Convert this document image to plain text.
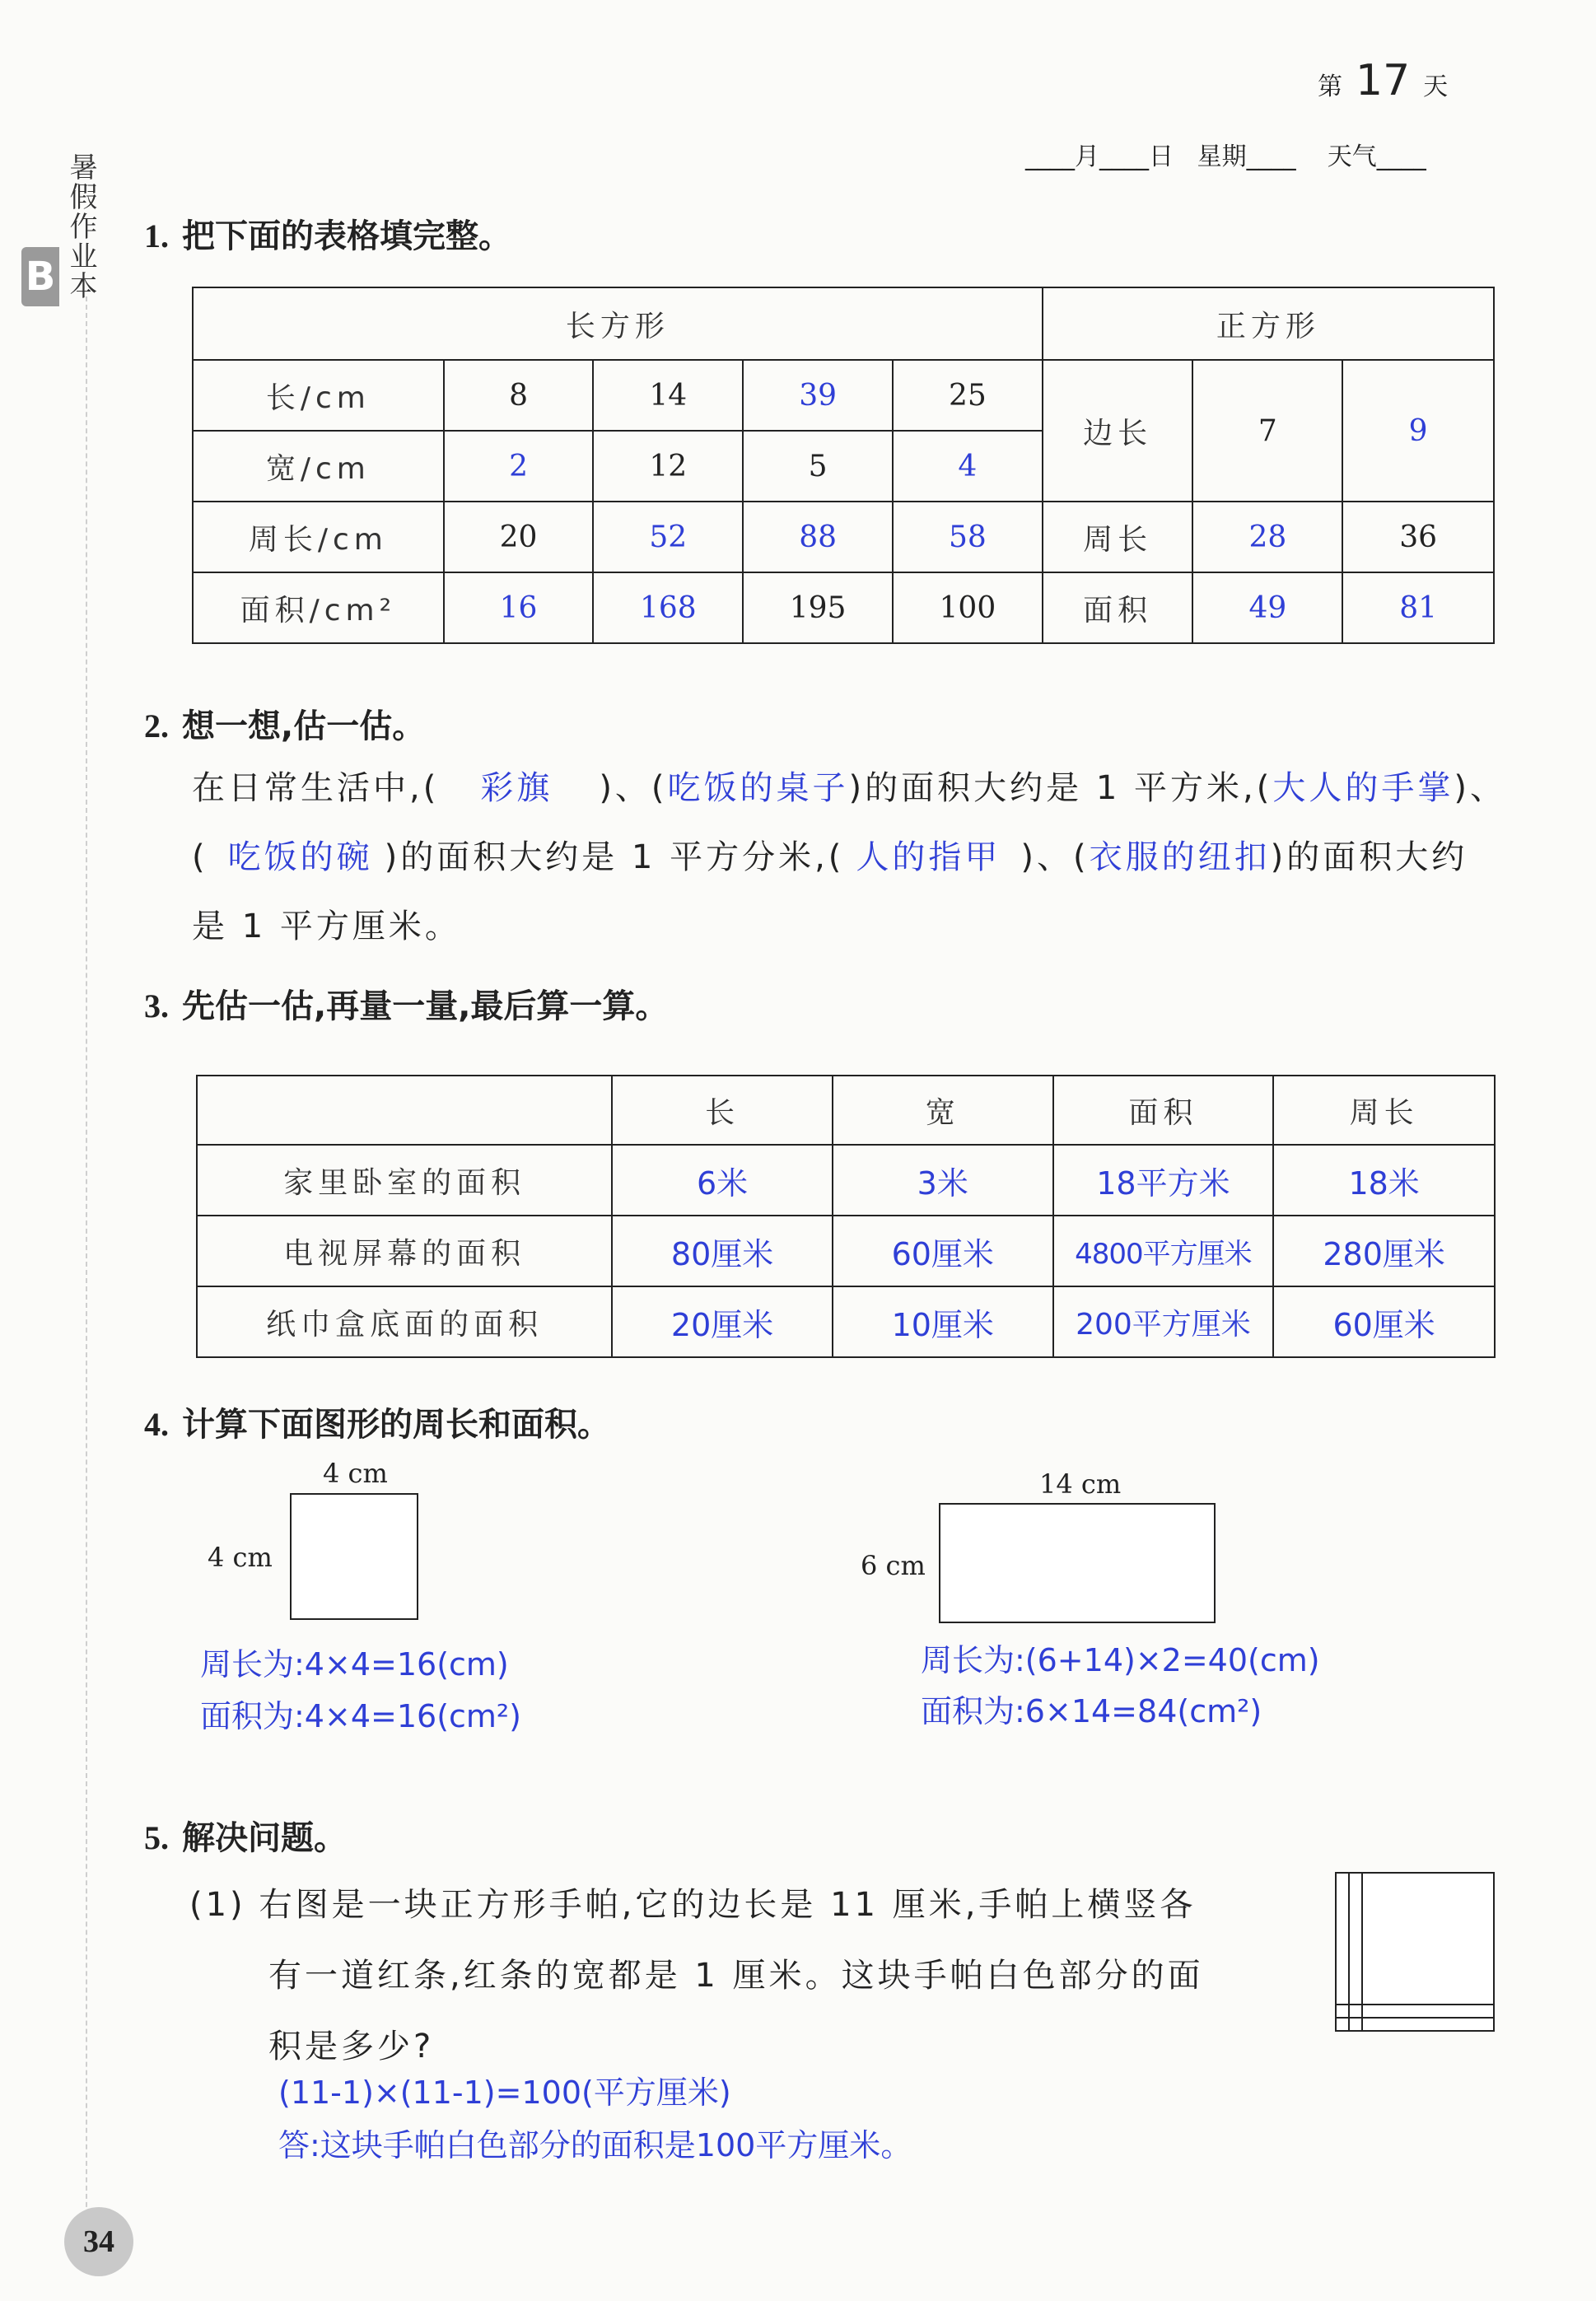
暑假作业本
B
第 17 天
____月____日   星期____    天气____
1. 把下面的表格填完整。
长方形					正方形		
长/cm	8	14	39	25	边长	7	9
宽/cm	2	12	5	4			
周长/cm	20	52	88	58	周长	28	36
面积/cm²	16	168	195	100	面积	49	81
2. 想一想,估一估。
在日常生活中,( 彩旗 )、(吃饭的桌子)的面积大约是 1 平方米,(大人的手掌)、
( 吃饭的碗 )的面积大约是 1 平方分米,( 人的指甲 )、(衣服的纽扣)的面积大约
是 1 平方厘米。
3. 先估一估,再量一量,最后算一算。
	长	宽	面积	周长
家里卧室的面积	6米	3米	18平方米	18米
电视屏幕的面积	80厘米	60厘米	4800平方厘米	280厘米
纸巾盒底面的面积	20厘米	10厘米	200平方厘米	60厘米
4. 计算下面图形的周长和面积。
4 cm
4 cm
周长为:4×4=16(cm)
面积为:4×4=16(cm²)
14 cm
6 cm
周长为:(6+14)×2=40(cm)
面积为:6×14=84(cm²)
5. 解决问题。
(1) 右图是一块正方形手帕,它的边长是 11 厘米,手帕上横竖各
有一道红条,红条的宽都是 1 厘米。这块手帕白色部分的面
积是多少?
(11-1)×(11-1)=100(平方厘米)
答:这块手帕白色部分的面积是100平方厘米。
34
